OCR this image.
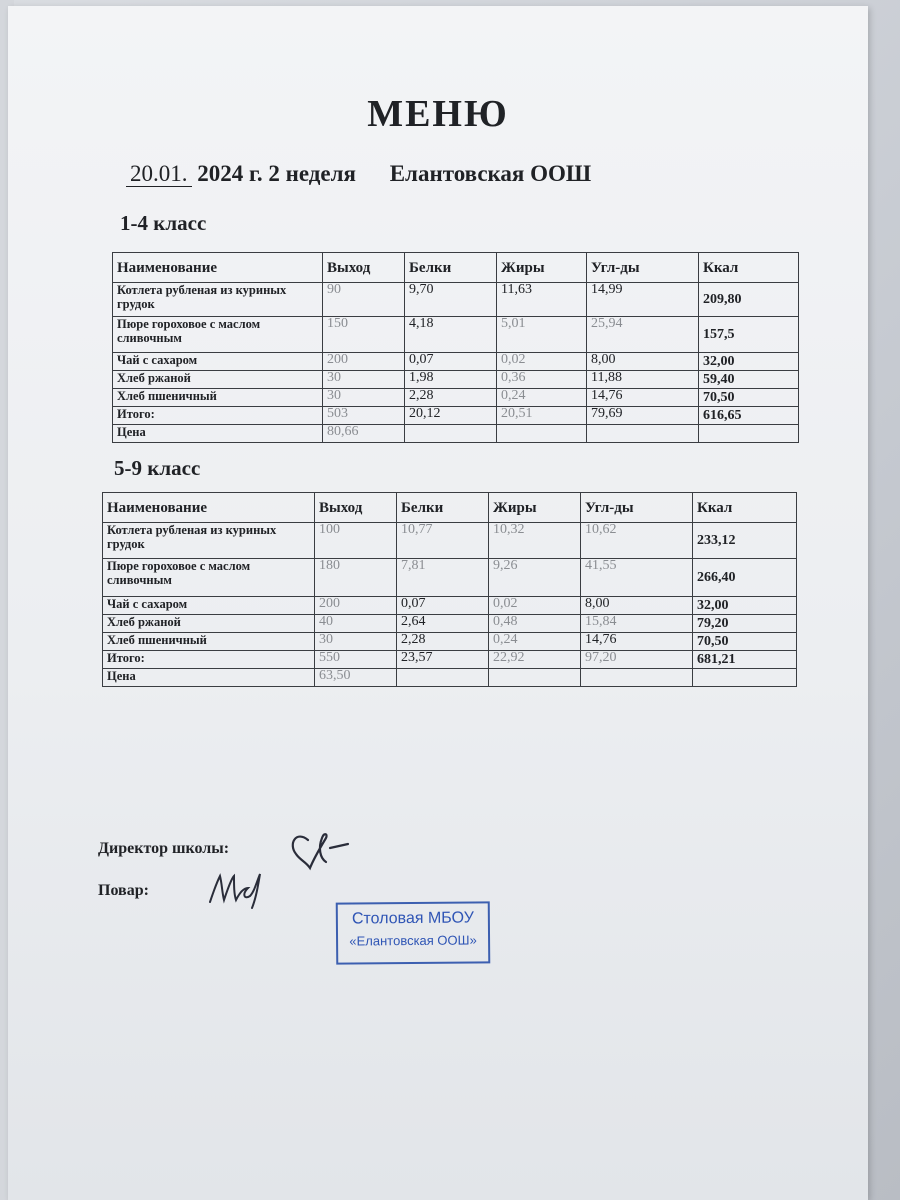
МЕНЮ
20.01. 2024 г. 2 неделя Елантовская ООШ
1-4 класс
Наименование	Выход	Белки	Жиры	Угл-ды	Ккал
Котлета рубленая из куриных грудок	90	9,70	11,63	14,99	209,80
Пюре гороховое с маслом сливочным	150	4,18	5,01	25,94	157,5
Чай с сахаром	200	0,07	0,02	8,00	32,00
Хлеб ржаной	30	1,98	0,36	11,88	59,40
Хлеб пшеничный	30	2,28	0,24	14,76	70,50
Итого:	503	20,12	20,51	79,69	616,65
Цена	80,66				
5-9 класс
Наименование	Выход	Белки	Жиры	Угл-ды	Ккал
Котлета рубленая из куриных грудок	100	10,77	10,32	10,62	233,12
Пюре гороховое с маслом сливочным	180	7,81	9,26	41,55	266,40
Чай с сахаром	200	0,07	0,02	8,00	32,00
Хлеб ржаной	40	2,64	0,48	15,84	79,20
Хлеб пшеничный	30	2,28	0,24	14,76	70,50
Итого:	550	23,57	22,92	97,20	681,21
Цена	63,50				
Директор школы:
Повар:
Столовая МБОУ
«Елантовская ООШ»
